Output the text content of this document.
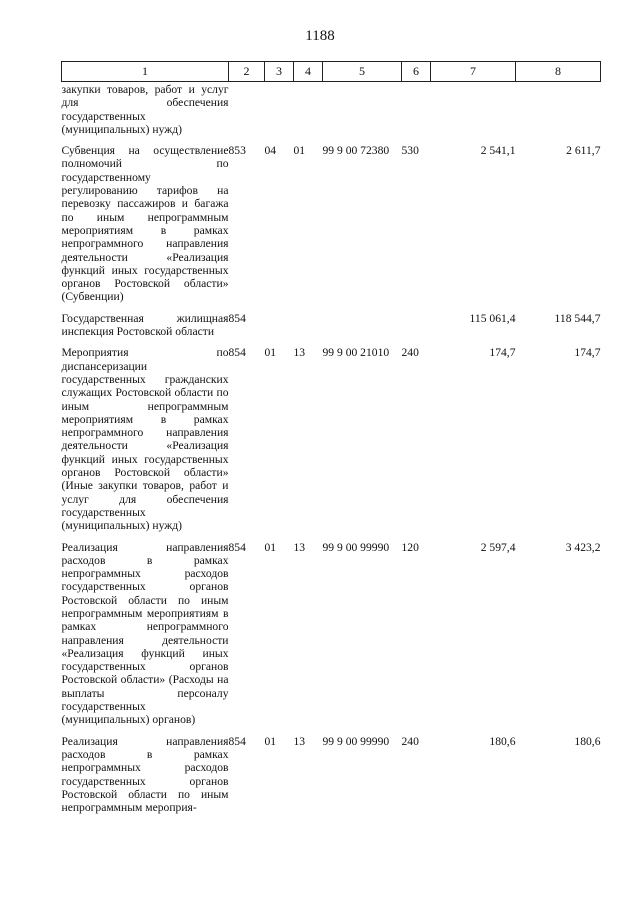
1188
1	2	3	4	5	6	7	8
закупки товаров, работ и услуг для обеспечения государственных (муниципальных) нужд)							

Субвенция на осуществление полномочий по государственному регулированию тарифов на перевозку пассажиров и багажа по иным непрограммным мероприятиям в рамках непрограммного направления деятельности «Реализация функций иных государственных органов Ростовской области» (Субвенции)	853	04	01	99 9 00 72380	530	2 541,1	2 611,7

Государственная жилищная инспекция Ростовской области	854					115 061,4	118 544,7

Мероприятия по диспансеризации государственных гражданских служащих Ростовской области по иным непрограммным мероприятиям в рамках непрограммного направления деятельности «Реализация функций иных государственных органов Ростовской области» (Иные закупки товаров, работ и услуг для обеспечения государственных (муниципальных) нужд)	854	01	13	99 9 00 21010	240	174,7	174,7

Реализация направления расходов в рамках непрограммных расходов государственных органов Ростовской области по иным непрограммным мероприятиям в рамках непрограммного направления деятельности «Реализация функций иных государственных органов Ростовской области» (Расходы на выплаты персоналу государственных (муниципальных) органов)	854	01	13	99 9 00 99990	120	2 597,4	3 423,2

Реализация направления расходов в рамках непрограммных расходов государственных органов Ростовской области по иным непрограммным мероприя-	854	01	13	99 9 00 99990	240	180,6	180,6
